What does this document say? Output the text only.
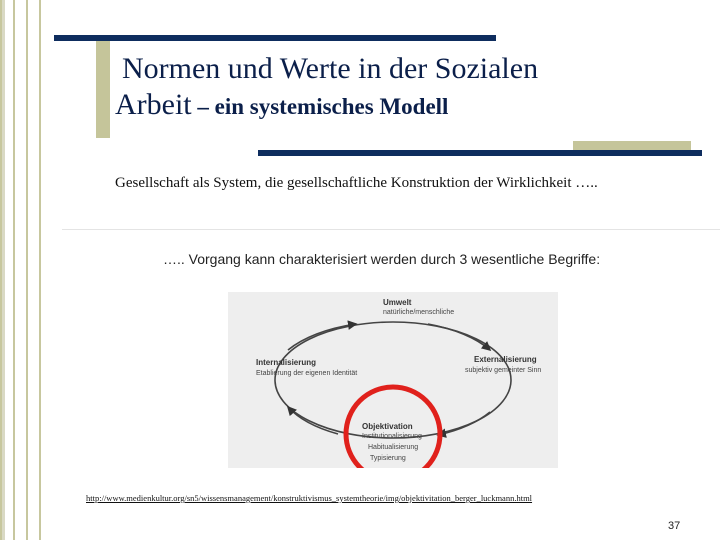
Normen und Werte in der Sozialen
Arbeit – ein systemisches Modell
Gesellschaft als System, die gesellschaftliche Konstruktion der Wirklichkeit …..
….. Vorgang kann charakterisiert werden durch 3 wesentliche Begriffe:
Umwelt
natürliche/menschliche
Internalisierung
Etablierung der eigenen Identität
Externalisierung
subjektiv gemeinter Sinn
Objektivation
Institutionalisierung
Habitualisierung
Typisierung
http://www.medienkultur.org/sn5/wissensmanagement/konstruktivismus_systemtheorie/img/objektivitation_berger_luckmann.html
37
